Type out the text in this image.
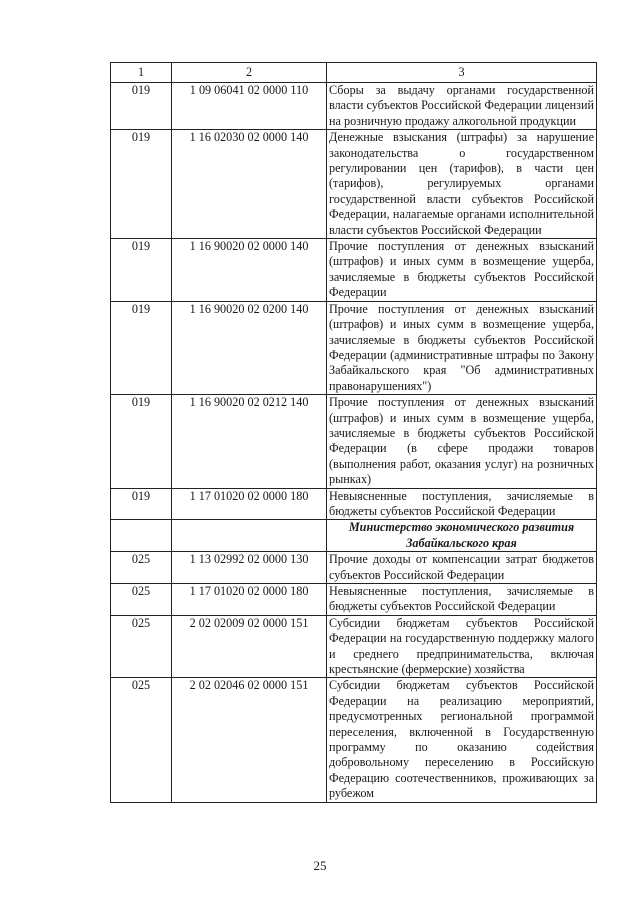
1	2	3
019	1 09 06041 02 0000 110	Сборы за выдачу органами государственной власти субъектов Российской Федерации лицензий на розничную продажу алкогольной продукции
019	1 16 02030 02 0000 140	Денежные взыскания (штрафы) за нарушение законодательства о государственном регулировании цен (тарифов), в части цен (тарифов), регулируемых органами государственной власти субъектов Российской Федерации, налагаемые органами исполнительной власти субъектов Российской Федерации
019	1 16 90020 02 0000 140	Прочие поступления от денежных взысканий (штрафов) и иных сумм в возмещение ущерба, зачисляемые в бюджеты субъектов Российской Федерации
019	1 16 90020 02 0200 140	Прочие поступления от денежных взысканий (штрафов) и иных сумм в возмещение ущерба, зачисляемые в бюджеты субъектов Российской Федерации (административные штрафы по Закону Забайкальского края "Об административных правонарушениях")
019	1 16 90020 02 0212 140	Прочие поступления от денежных взысканий (штрафов) и иных сумм в возмещение ущерба, зачисляемые в бюджеты субъектов Российской Федерации (в сфере продажи товаров (выполнения работ, оказания услуг) на розничных рынках)
019	1 17 01020 02 0000 180	Невыясненные поступления, зачисляемые в бюджеты субъектов Российской Федерации
		Министерство экономического развития Забайкальского края
025	1 13 02992 02 0000 130	Прочие доходы от компенсации затрат бюджетов субъектов Российской Федерации
025	1 17 01020 02 0000 180	Невыясненные поступления, зачисляемые в бюджеты субъектов Российской Федерации
025	2 02 02009 02 0000 151	Субсидии бюджетам субъектов Российской Федерации на государственную поддержку малого и среднего предпринимательства, включая крестьянские (фермерские) хозяйства
025	2 02 02046 02 0000 151	Субсидии бюджетам субъектов Российской Федерации на реализацию мероприятий, предусмотренных региональной программой переселения, включенной в Государственную программу по оказанию содействия добровольному переселению в Российскую Федерацию соотечественников, проживающих за рубежом
25
